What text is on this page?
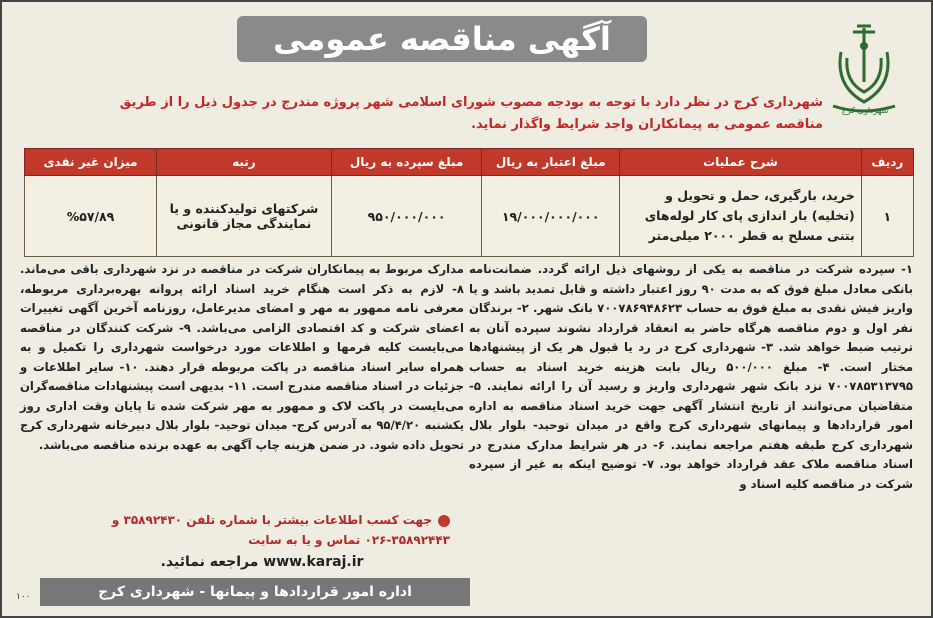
آگهی مناقصه عمومی
شهرداری کرج
شهرداری کرج در نظر دارد با توجه به بودجه مصوب شورای اسلامی شهر پروژه مندرج در جدول ذیل را از طریق مناقصه عمومی به پیمانکاران واجد شرایط واگذار نماید.
ردیف	شرح عملیات	مبلغ اعتبار به ریال	مبلغ سپرده به ریال	رتبه	میزان غیر نقدی
۱	خرید، بارگیری، حمل و تحویل و (تخلیه) بار اندازی پای کار لوله‌های بتنی مسلح به قطر ۲۰۰۰ میلی‌متر	۱۹/۰۰۰/۰۰۰/۰۰۰	۹۵۰/۰۰۰/۰۰۰	شرکتهای تولیدکننده و یا نمایندگی مجاز قانونی	%۵۷/۸۹
۱- سپرده شرکت در مناقصه به یکی از روشهای ذیل ارائه گردد. ضمانت‌نامه بانکی معادل مبلغ فوق که به مدت ۹۰ روز اعتبار داشته و قابل تمدید باشد و یا واریز فیش نقدی به مبلغ فوق به حساب ۷۰۰۷۸۶۹۴۸۶۲۳ بانک شهر. ۲- برندگان نفر اول و دوم مناقصه هرگاه حاضر به انعقاد قرارداد نشوند سپرده آنان به ترتیب ضبط خواهد شد. ۳- شهرداری کرج در رد یا قبول هر یک از پیشنهادها مختار است. ۴- مبلغ ۵۰۰/۰۰۰ ریال بابت هزینه خرید اسناد به حساب ۷۰۰۷۸۵۳۱۳۷۹۵ نزد بانک شهر شهرداری واریز و رسید آن را ارائه نمایند. ۵- متقاضیان می‌توانند از تاریخ انتشار آگهی جهت خرید اسناد مناقصه به اداره امور قراردادها و پیمانهای شهرداری کرج واقع در میدان توحید- بلوار بلال شهرداری کرج طبقه هفتم مراجعه نمایند. ۶- در هر شرایط مدارک مندرج در اسناد مناقصه ملاک عقد قرارداد خواهد بود. ۷- توضیح اینکه به غیر از سپرده شرکت در مناقصه کلیه اسناد و
مدارک مربوط به پیمانکاران شرکت در مناقصه در نزد شهرداری باقی می‌ماند. ۸- لازم به ذکر است هنگام خرید اسناد ارائه پروانه بهره‌برداری مربوطه، معرفی نامه ممهور به مهر و امضای مدیرعامل، روزنامه آخرین آگهی تغییرات اعضای شرکت و کد اقتصادی الزامی می‌باشد. ۹- شرکت کنندگان در مناقصه می‌بایست کلیه فرمها و اطلاعات مورد درخواست شهرداری را تکمیل و به همراه سایر اسناد مناقصه در پاکت مربوطه قرار دهند. ۱۰- سایر اطلاعات و جزئیات در اسناد مناقصه مندرج است. ۱۱- بدیهی است پیشنهادات مناقصه‌گران می‌بایست در پاکت لاک و ممهور به مهر شرکت شده تا پایان وقت اداری روز یکشنبه ۹۵/۴/۲۰ به آدرس کرج- میدان توحید- بلوار بلال دبیرخانه شهرداری کرج تحویل داده شود. در ضمن هزینه چاپ آگهی به عهده برنده مناقصه می‌باشد.
جهت کسب اطلاعات بیشتر با شماره تلفن ۳۵۸۹۲۴۳۰ و ۳۵۸۹۲۴۴۳-۰۲۶ تماس و یا به سایت
www.karaj.ir مراجعه نمائید.
اداره امور قراردادها و پیمانها - شهرداری کرج
۱۰۰
